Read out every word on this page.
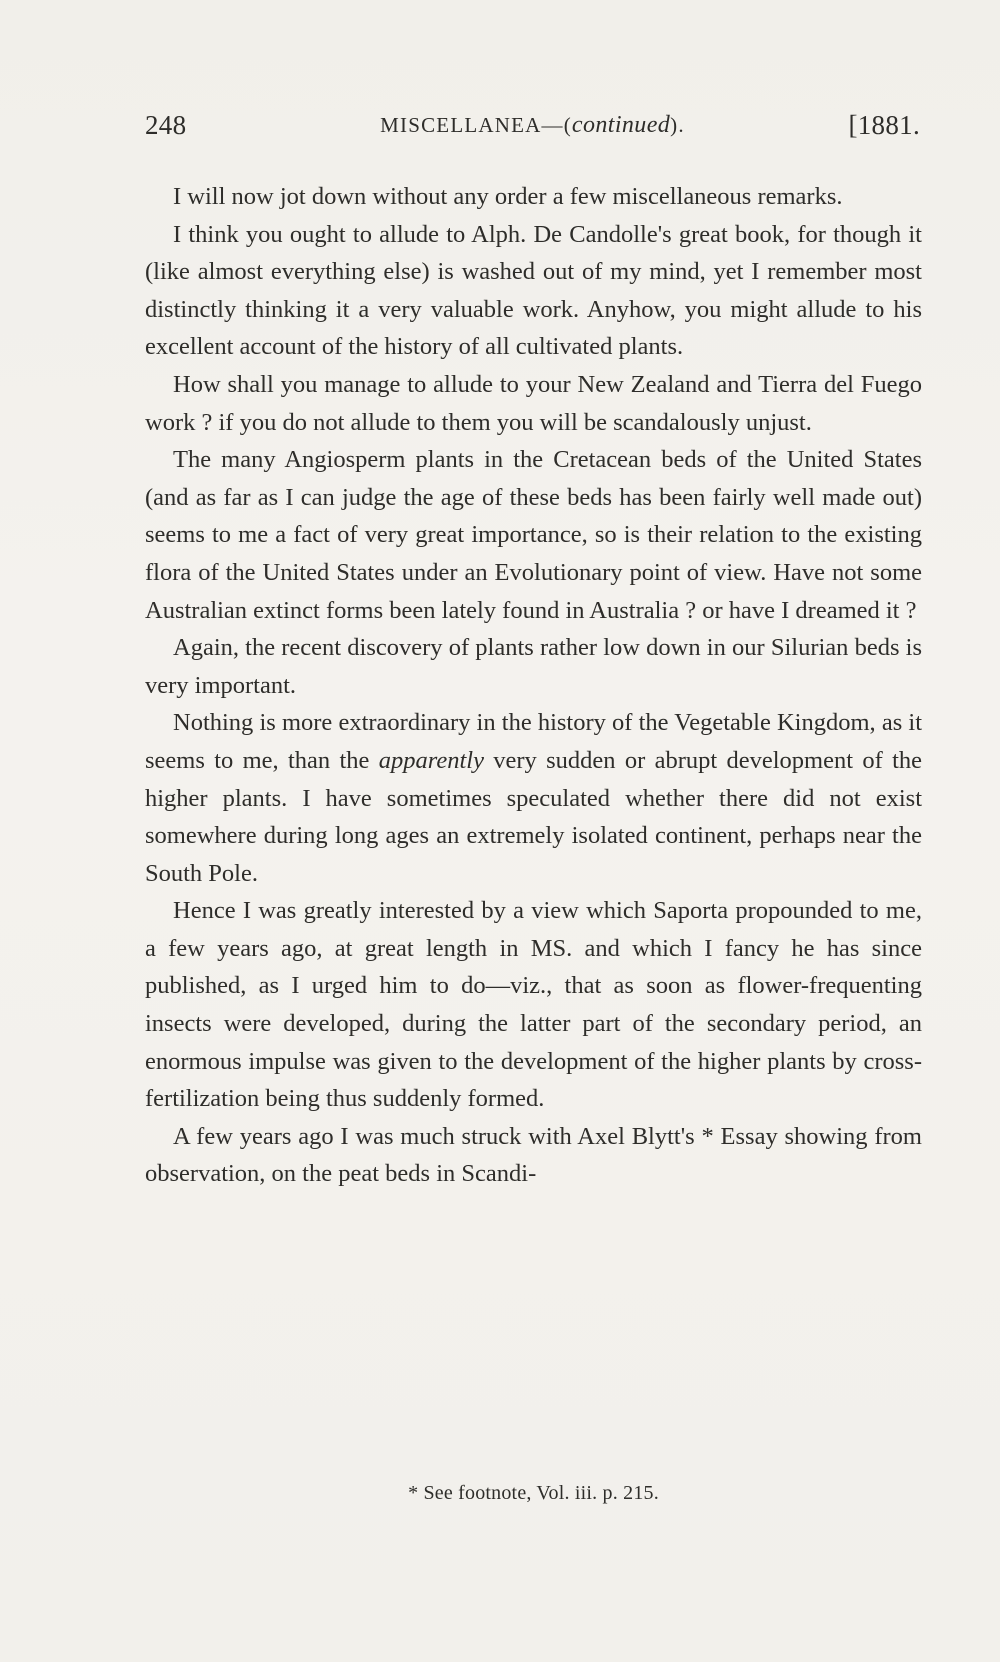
248	MISCELLANEA—(continued).	[1881.

I will now jot down without any order a few miscellaneous remarks.

I think you ought to allude to Alph. De Candolle's great book, for though it (like almost everything else) is washed out of my mind, yet I remember most distinctly thinking it a very valuable work. Anyhow, you might allude to his excellent account of the history of all cultivated plants.

How shall you manage to allude to your New Zealand and Tierra del Fuego work ? if you do not allude to them you will be scandalously unjust.

The many Angiosperm plants in the Cretacean beds of the United States (and as far as I can judge the age of these beds has been fairly well made out) seems to me a fact of very great importance, so is their relation to the existing flora of the United States under an Evolutionary point of view. Have not some Australian extinct forms been lately found in Australia ? or have I dreamed it ?

Again, the recent discovery of plants rather low down in our Silurian beds is very important.

Nothing is more extraordinary in the history of the Vegetable Kingdom, as it seems to me, than the apparently very sudden or abrupt development of the higher plants. I have sometimes speculated whether there did not exist somewhere during long ages an extremely isolated continent, perhaps near the South Pole.

Hence I was greatly interested by a view which Saporta propounded to me, a few years ago, at great length in MS. and which I fancy he has since published, as I urged him to do—viz., that as soon as flower-frequenting insects were developed, during the latter part of the secondary period, an enormous impulse was given to the development of the higher plants by cross-fertilization being thus suddenly formed.

A few years ago I was much struck with Axel Blytt's * Essay showing from observation, on the peat beds in Scandi-

* See footnote, Vol. iii. p. 215.
